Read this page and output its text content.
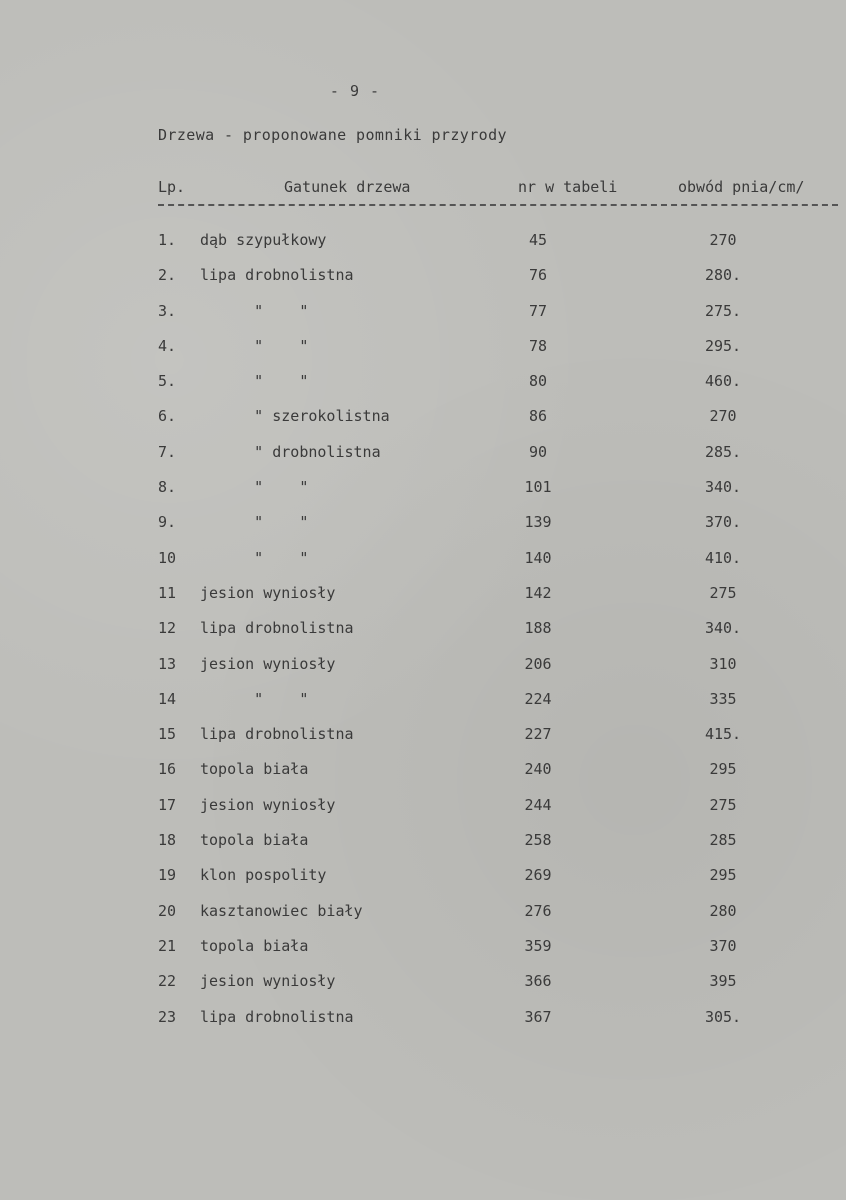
- 9 -
Drzewa - proponowane pomniki przyrody
Lp.	Gatunek drzewa	nr w tabeli	obwód pnia/cm/
1. dąb szypułkowy	45	270
2. lipa drobnolistna	76	280.
3. "    "	77	275.
4. "    "	78	295.
5. "    "	80	460.
6. " szerokolistna	86	270
7. " drobnolistna	90	285.
8. "    "	101	340.
9. "    "	139	370.
10 "    "	140	410.
11 jesion wyniosły	142	275
12 lipa drobnolistna	188	340.
13 jesion wyniosły	206	310
14 "    "	224	335
15 lipa drobnolistna	227	415.
16 topola biała	240	295
17 jesion wyniosły	244	275
18 topola biała	258	285
19 klon pospolity	269	295
20 kasztanowiec biały	276	280
21 topola biała	359	370
22 jesion wyniosły	366	395
23 lipa drobnolistna	367	305.
